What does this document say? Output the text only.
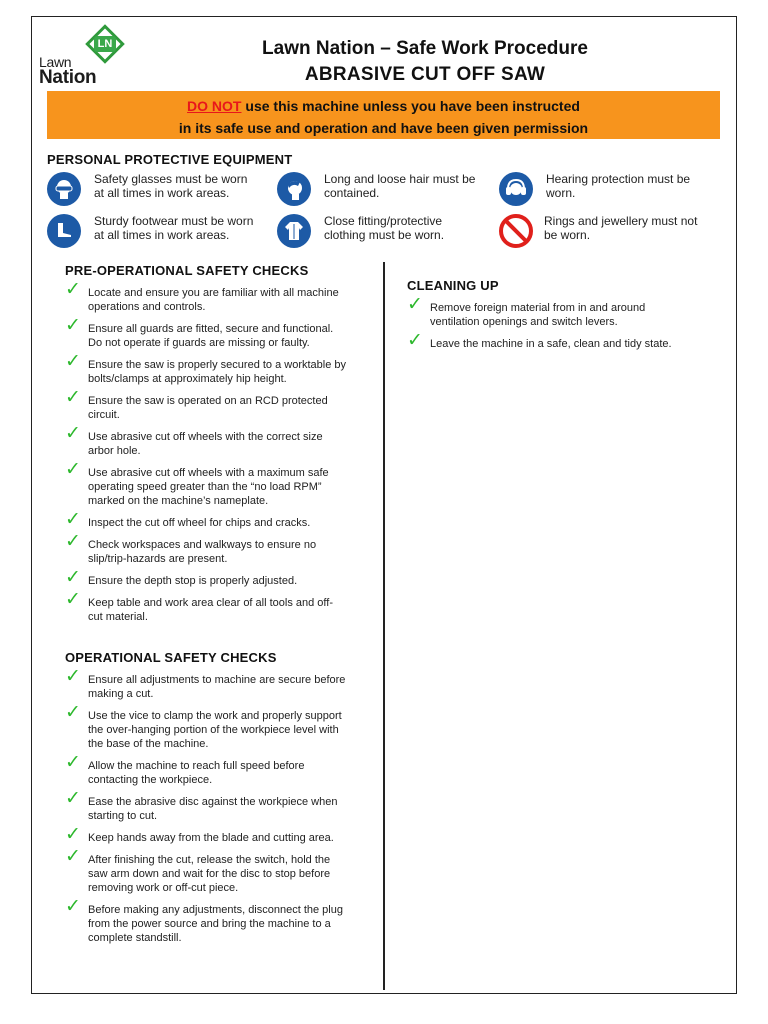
LN
Lawn
Nation
Lawn Nation – Safe Work Procedure
ABRASIVE CUT OFF SAW
DO NOT use this machine unless you have been instructed
in its safe use and operation and have been given permission
PERSONAL PROTECTIVE EQUIPMENT
Safety glasses must be worn
at all times in work areas.
Long and loose hair must be
contained.
Hearing protection must be
worn.
Sturdy footwear must be worn
at all times in work areas.
Close fitting/protective
clothing must be worn.
Rings and jewellery must not
be worn.
PRE-OPERATIONAL SAFETY CHECKS
✓ Locate and ensure you are familiar with all machine
operations and controls.
✓ Ensure all guards are fitted, secure and functional.
Do not operate if guards are missing or faulty.
✓ Ensure the saw is properly secured to a worktable by
bolts/clamps at approximately hip height.
✓ Ensure the saw is operated on an RCD protected
circuit.
✓ Use abrasive cut off wheels with the correct size
arbor hole.
✓ Use abrasive cut off wheels with a maximum safe
operating speed greater than the “no load RPM”
marked on the machine’s nameplate.
✓ Inspect the cut off wheel for chips and cracks.
✓ Check workspaces and walkways to ensure no
slip/trip-hazards are present.
✓ Ensure the depth stop is properly adjusted.
✓ Keep table and work area clear of all tools and off-
cut material.
OPERATIONAL SAFETY CHECKS
✓ Ensure all adjustments to machine are secure before
making a cut.
✓ Use the vice to clamp the work and properly support
the over-hanging portion of the workpiece level with
the base of the machine.
✓ Allow the machine to reach full speed before
contacting the workpiece.
✓ Ease the abrasive disc against the workpiece when
starting to cut.
✓ Keep hands away from the blade and cutting area.
✓ After finishing the cut, release the switch, hold the
saw arm down and wait for the disc to stop before
removing work or off-cut piece.
✓ Before making any adjustments, disconnect the plug
from the power source and bring the machine to a
complete standstill.
CLEANING UP
✓ Remove foreign material from in and around
ventilation openings and switch levers.
✓ Leave the machine in a safe, clean and tidy state.
